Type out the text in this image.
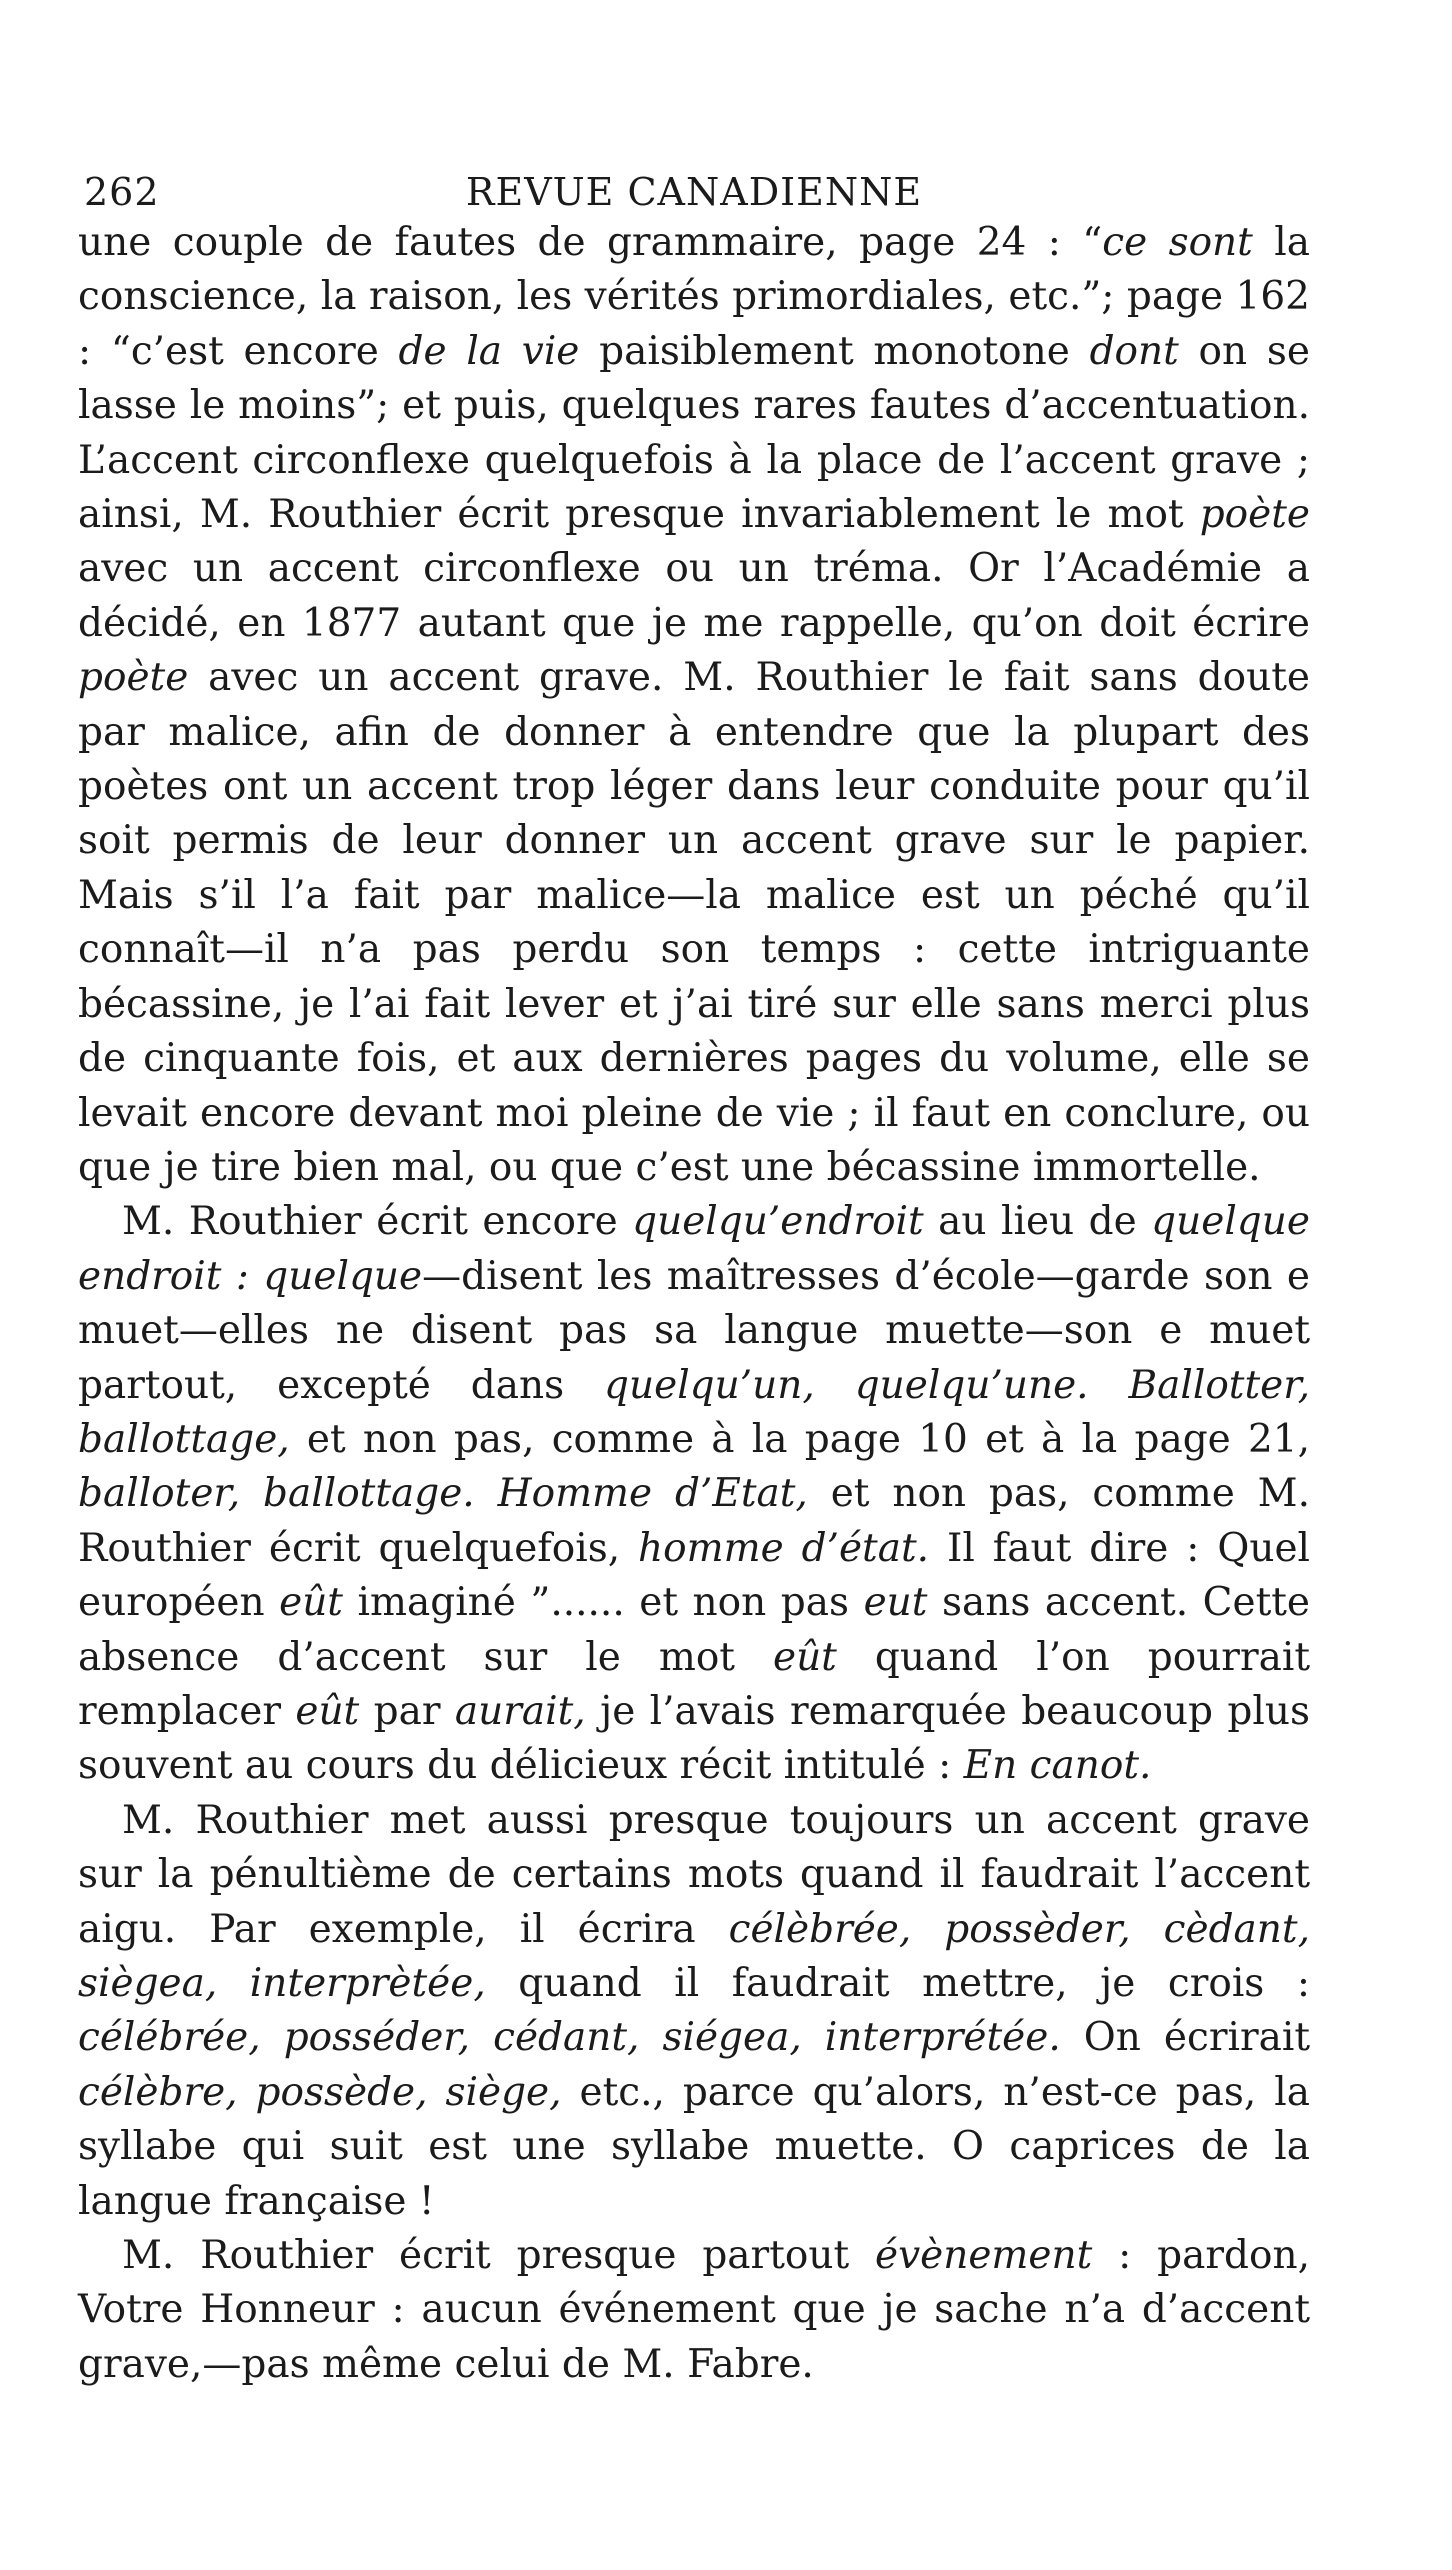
262	REVUE CANADIENNE

une couple de fautes de grammaire, page 24 : “ce sont la conscience, la raison, les vérités primordiales, etc.”; page 162 : “c’est encore de la vie paisiblement monotone dont on se lasse le moins”; et puis, quelques rares fautes d’accentuation. L’accent circonflexe quelquefois à la place de l’accent grave ; ainsi, M. Routhier écrit presque invariablement le mot poète avec un accent circonflexe ou un tréma. Or l’Académie a décidé, en 1877 autant que je me rappelle, qu’on doit écrire poète avec un accent grave. M. Routhier le fait sans doute par malice, afin de donner à entendre que la plupart des poètes ont un accent trop léger dans leur conduite pour qu’il soit permis de leur donner un accent grave sur le papier. Mais s’il l’a fait par malice—la malice est un péché qu’il connaît—il n’a pas perdu son temps : cette intriguante bécassine, je l’ai fait lever et j’ai tiré sur elle sans merci plus de cinquante fois, et aux dernières pages du volume, elle se levait encore devant moi pleine de vie ; il faut en conclure, ou que je tire bien mal, ou que c’est une bécassine immortelle.

M. Routhier écrit encore quelqu’endroit au lieu de quelque endroit : quelque—disent les maîtresses d’école—garde son e muet—elles ne disent pas sa langue muette—son e muet partout, excepté dans quelqu’un, quelqu’une. Ballotter, ballottage, et non pas, comme à la page 10 et à la page 21, balloter, ballottage. Homme d’Etat, et non pas, comme M. Routhier écrit quelquefois, homme d’état. Il faut dire : Quel européen eût imaginé ”...... et non pas eut sans accent. Cette absence d’accent sur le mot eût quand l’on pourrait remplacer eût par aurait, je l’avais remarquée beaucoup plus souvent au cours du délicieux récit intitulé : En canot.

M. Routhier met aussi presque toujours un accent grave sur la pénultième de certains mots quand il faudrait l’accent aigu. Par exemple, il écrira célèbrée, possèder, cèdant, siègea, interprètée, quand il faudrait mettre, je crois : célébrée, posséder, cédant, siégea, interprétée. On écrirait célèbre, possède, siège, etc., parce qu’alors, n’est-ce pas, la syllabe qui suit est une syllabe muette. O caprices de la langue française !

M. Routhier écrit presque partout évènement : pardon, Votre Honneur : aucun événement que je sache n’a d’accent grave,—pas même celui de M. Fabre.
